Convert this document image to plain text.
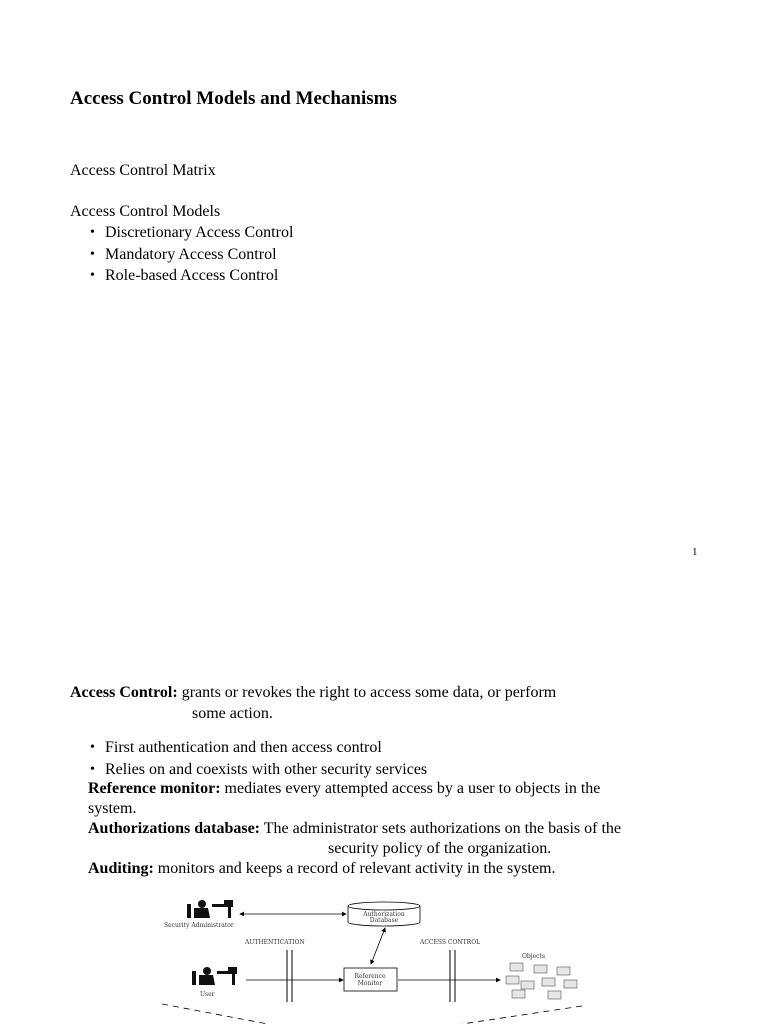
Access Control Models and Mechanisms
Access Control Matrix
Access Control Models
• Discretionary Access Control
• Mandatory Access Control
• Role-based Access Control
1
Access Control: grants or revokes the right to access some data, or perform
some action.
• First authentication and then access control
• Relies on and coexists with other security services
Reference monitor: mediates every attempted access by a user to objects in the
system.
Authorizations database: The administrator sets authorizations on the basis of the
security policy of the organization.
Auditing: monitors and keeps a record of relevant activity in the system.
Security Administrator
Authorization
Database
AUTHENTICATION	ACCESS CONTROL
Objects
User
Reference
Monitor
